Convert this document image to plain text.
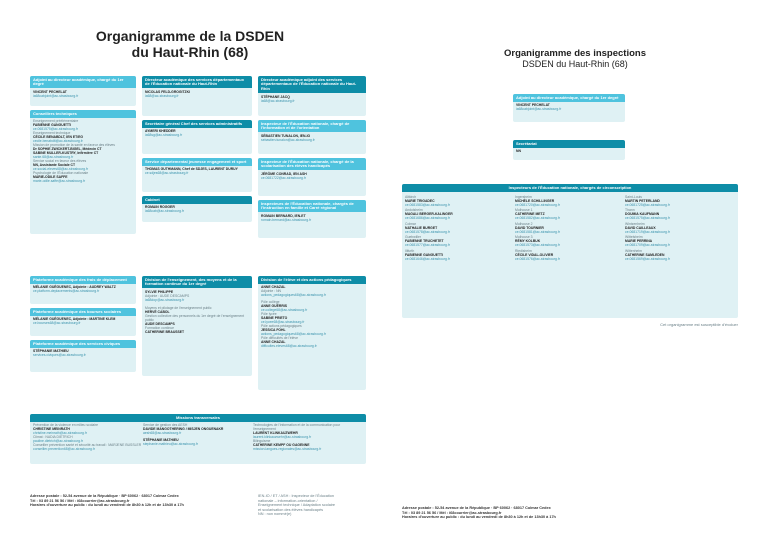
Organigramme de la DSDEN
du Haut-Rhin (68)	Organigramme des inspections
DSDEN du Haut-Rhin (68)
Adjoint au directeur académique, chargé du 1er degré
VINCENT PECHELAT
ia68cabjoint@ac-strasbourg.fr
Conseillers techniques
Enseignement préélémentaire
FABIENNE GANGUETTI
ce.0681575@ac-strasbourg.fr
Enseignement technique
CÉCILE BENABDLT, IEN ET/EG
cecile.benabdlt@ac-strasbourg.fr
Mission de promotion de la santé en faveur des élèves
Dr SOPHIE ZWICKERT-BIGEL, Médecin CT
SABINE MULLER-KUSTRY, Infirmière CT
sante.68@ac-strasbourg.fr
Service social en faveur des élèves
NN, Assistante Sociale CT
ce.social-eleves68@ac-strasbourg.fr
Psychologie de l'Éducation nationale
MARIE-ODILE SAFFE
marie-odile.saffe@ac-strasbourg.fr
Directeur académique des services départementaux de l'Éducation nationale du Haut-Rhin
NICOLAS FELD-GROGITZKI
ia68@ac-strasbourg.fr
Secrétaire général Chef des services administratifs
AYMERI KHEDDER
ia68sg@ac-strasbourg.fr
Service départemental jeunesse engagement et sport
THOMAS GUTHMANN, Chef de SDJES, LAURENT DURUY
ce.sdjes68@ac-strasbourg.fr
Cabinet
ROMAIN ROGGER
ia68cab@ac-strasbourg.fr
Directeur académique adjoint des services départementaux de l'Éducation nationale du Haut-Rhin
STÉPHANE JACQ
ia68@ac-strasbourg.fr
Inspecteur de l'Éducation nationale, chargé de l'information et de l'orientation
SÉBASTIEN TUNALON, IEN-IO
sebastien.tunalon@ac-strasbourg.fr
Inspecteur de l'Éducation nationale, chargé de la scolarisation des élèves handicapés
JÉRÔME CONRAD, IEN ASH
ce.0681722@ac-strasbourg.fr
Inspecteurs de l'Éducation nationale, chargés de l'instruction en famille et Carré régional
ROMAIN BERNARD, IEN-ET
romain.bernard@ac-strasbourg.fr
Plateforme académique des frais de déplacement
MÉLANIE GUÉGUENEC, Adjointe : AUDREY WALTZ
ce.platform-deplacements@ac-strasbourg.fr
Plateforme académique des bourses scolaires
MÉLANIE GUÉGUENEC, Adjointe : MARTINE KLEM
ce.bourses68@ac-strasbourg.fr
Plateforme académique des services civiques
STÉPHANIE MATHIEU
services.civiques@ac-strasbourg.fr
Division de l'enseignement, des moyens et de la formation continue du 1er degré
SYLVIE PHILIPPE
Adjointe : AUDE DESCAMPS
ia68dop@ac-strasbourg.fr
Moyens et pilotage de l'enseignement public
HERVÉ CABOL
Gestion collective des personnels du 1er degré de l'enseignement public
AUDE DESCAMPS
Formation continue
CATHERINE BRAUSSET
Division de l'élève et des actions pédagogiques
ANNE CHAZAL
Adjointe : NN
actions_pedagogiques68@ac-strasbourg.fr
Pôle collège
ANNE GUÉRRIS
ce.college68@ac-strasbourg.fr
Pôle lycée
SABINE PRIETO
ce.lycee68@ac-strasbourg.fr
Pôle actions pédagogiques
JESSICA FOHL
actions_pedagogiques68@ac-strasbourg.fr
Pôle difficultés de l'élève
ANNE CHAZAL
difficultes.eleves68@ac-strasbourg.fr
Missions transversales
Prévention de la violence en milieu scolaire
CHRISTINE MEINRATH
christine.meinrath@ac-strasbourg.fr
Climat : NADIA DIETRICH
pauline.dietrich@ac-strasbourg.fr
Conseiller prévention santé et sécurité au travail : MARJENE BUSSLER
conseiller.prevention68@ac-strasbourg.fr
Service de gestion des AESH
DAVIDE MANGOTHERING / MISJEN ONGUENAKR
aesh68@ac-strasbourg.fr
STÉPHANIE MATHIEU
stephanie.mathieu@ac-strasbourg.fr
Technologies de l'information et de la communication pour l'enseignement
LAURENT KLINKAUZWEHR
laurent.klinkauzwehr@ac-strasbourg.fr
Bilinguisme
CATHERINE KEMPF OU GAGENNE
mission.langues-regionales@ac-strasbourg.fr
Adresse postale : 52-54 avenue de la République · BP 60062 · 68017 Colmar Cedex
Tél : 03 89 21 56 56 / Mél : i68courrier@ac-strasbourg.fr
Horaires d'ouverture au public : du lundi au vendredi de 8h30 à 12h et de 13h30 à 17h
IEN-IO / ET / ASH : Inspecteur de l'Éducation
nationale – information-orientation /
Enseignement technique / Adaptation scolaire
et scolarisation des élèves handicapés
NN : non nommé(e)
Adjoint au directeur académique, chargé du 1er degré
VINCENT PECHELAT
ia68cabjoint@ac-strasbourg.fr
Secrétariat
NN
Inspecteurs de l'Éducation nationale, chargés de circonscription
Altkirch
MARIE TRIGADEC
ce.0681583@ac-strasbourg.fr
Andolsheim
MAGALI BERGER-KALINGER
ce.0681686@ac-strasbourg.fr
Colmar
NATHALIE BURGET
ce.0681578@ac-strasbourg.fr
Guebwiller
FABIENNE TRUCHETET
ce.0681577@ac-strasbourg.fr
Illfurth
FABIENNE GANGUETTI
ce.0681646@ac-strasbourg.fr
Ingersheim
MICHÈLE SCHILLINGER
ce.0681720@ac-strasbourg.fr
Mulhouse 1
CATHERINE METZ
ce.0681582@ac-strasbourg.fr
Mulhouse 2
DAVID TOURNIER
ce.0681581@ac-strasbourg.fr
Mulhouse 3
RÉMY KOLBUK
ce.0681573@ac-strasbourg.fr
Riedisheim
CÉCILE VIDAL-OLIVIER
ce.0681576@ac-strasbourg.fr
Saint-Louis
MARTIN PETERLAND
ce.0681725@ac-strasbourg.fr
Thann
DOUMIA KAUFMANN
ce.0681575@ac-strasbourg.fr
Wintzenheim
DAVID CAILLEAUX
ce.0681719@ac-strasbourg.fr
Wittelsheim
MARIE PERRINA
ce.0681709@ac-strasbourg.fr
Wittenheim
CATHERINE SAMLEDEN
ce.0681569@ac-strasbourg.fr
Cet organigramme est susceptible d'évoluer
Adresse postale : 52-54 avenue de la République · BP 60062 · 68017 Colmar Cedex
Tél : 03 89 21 56 56 / Mél : i68courrier@ac-strasbourg.fr
Horaires d'ouverture au public : du lundi au vendredi de 8h30 à 12h et de 13h30 à 17h
